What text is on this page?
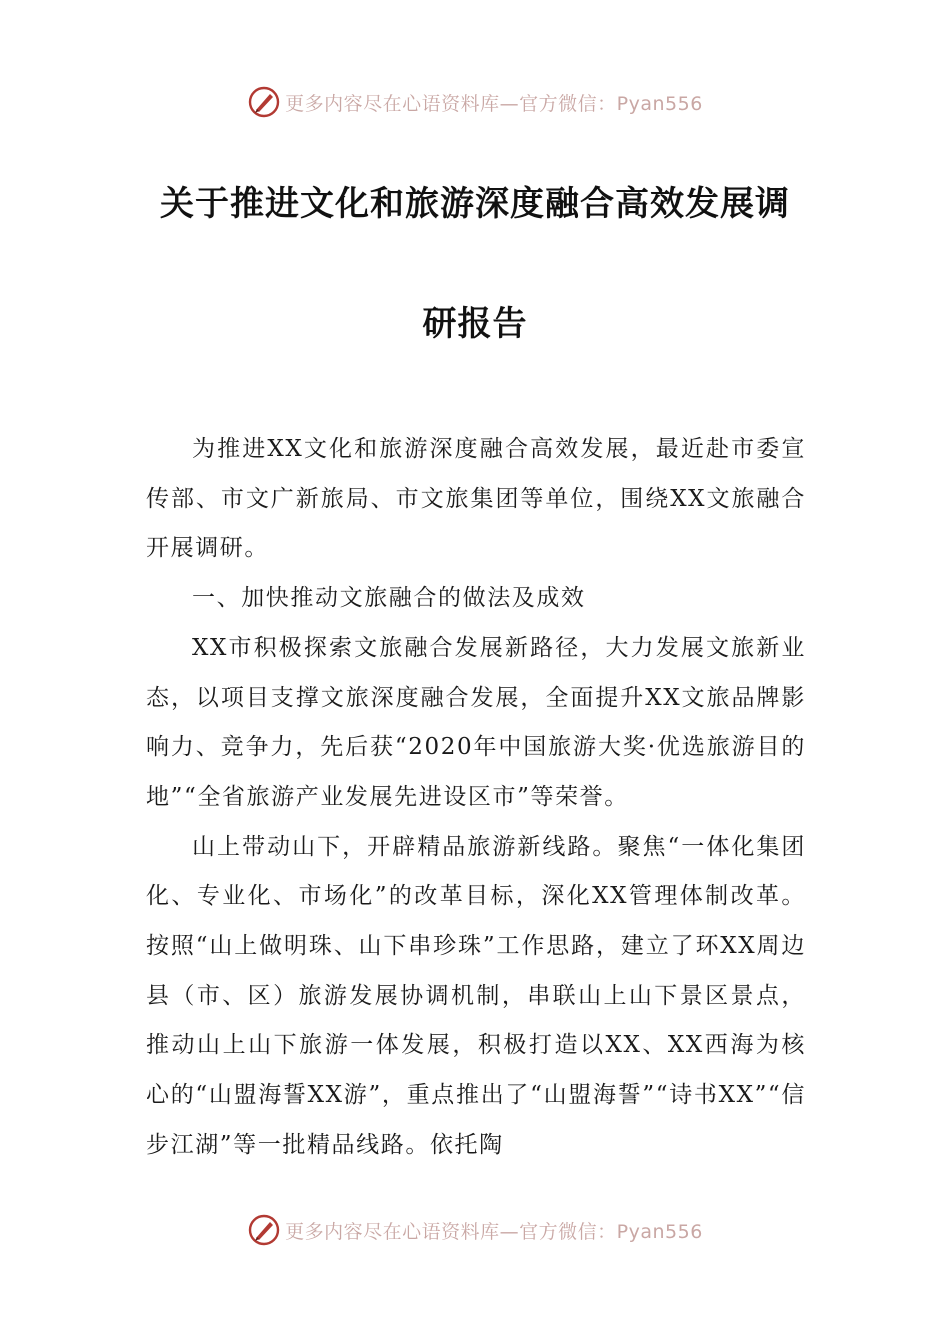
更多内容尽在心语资料库—官方微信：Pyan556
关于推进文化和旅游深度融合高效发展调
研报告

为推进XX文化和旅游深度融合高效发展，最近赴市委宣传部、市文广新旅局、市文旅集团等单位，围绕XX文旅融合开展调研。

一、加快推动文旅融合的做法及成效

XX市积极探索文旅融合发展新路径，大力发展文旅新业态，以项目支撑文旅深度融合发展，全面提升XX文旅品牌影响力、竞争力，先后获“2020年中国旅游大奖·优选旅游目的地”“全省旅游产业发展先进设区市”等荣誉。

山上带动山下，开辟精品旅游新线路。聚焦“一体化集团化、专业化、市场化”的改革目标，深化XX管理体制改革。按照“山上做明珠、山下串珍珠”工作思路，建立了环XX周边县（市、区）旅游发展协调机制，串联山上山下景区景点，推动山上山下旅游一体发展，积极打造以XX、XX西海为核心的“山盟海誓XX游”，重点推出了“山盟海誓”“诗书XX”“信步江湖”等一批精品线路。依托陶

更多内容尽在心语资料库—官方微信：Pyan556
